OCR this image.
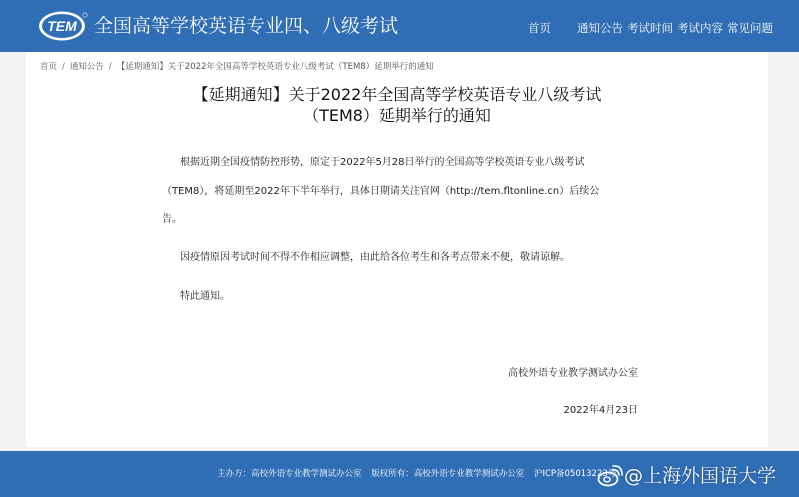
TEM 全国高等学校英语专业四、八级考试	首页 通知公告 考试时间 考试内容 常见问题
首页 / 通知公告 / 【延期通知】关于2022年全国高等学校英语专业八级考试（TEM8）延期举行的通知
【延期通知】关于2022年全国高等学校英语专业八级考试
（TEM8）延期举行的通知
根据近期全国疫情防控形势，原定于2022年5月28日举行的全国高等学校英语专业八级考试
（TEM8），将延期至2022年下半年举行，具体日期请关注官网（http://tem.fltonline.cn）后续公
告。
因疫情原因考试时间不得不作相应调整，由此给各位考生和各考点带来不便，敬请谅解。
特此通知。
高校外语专业教学测试办公室
2022年4月23日
主办方：高校外语专业教学测试办公室 版权所有：高校外语专业教学测试办公室 沪ICP备05013223号 @上海外国语大学
